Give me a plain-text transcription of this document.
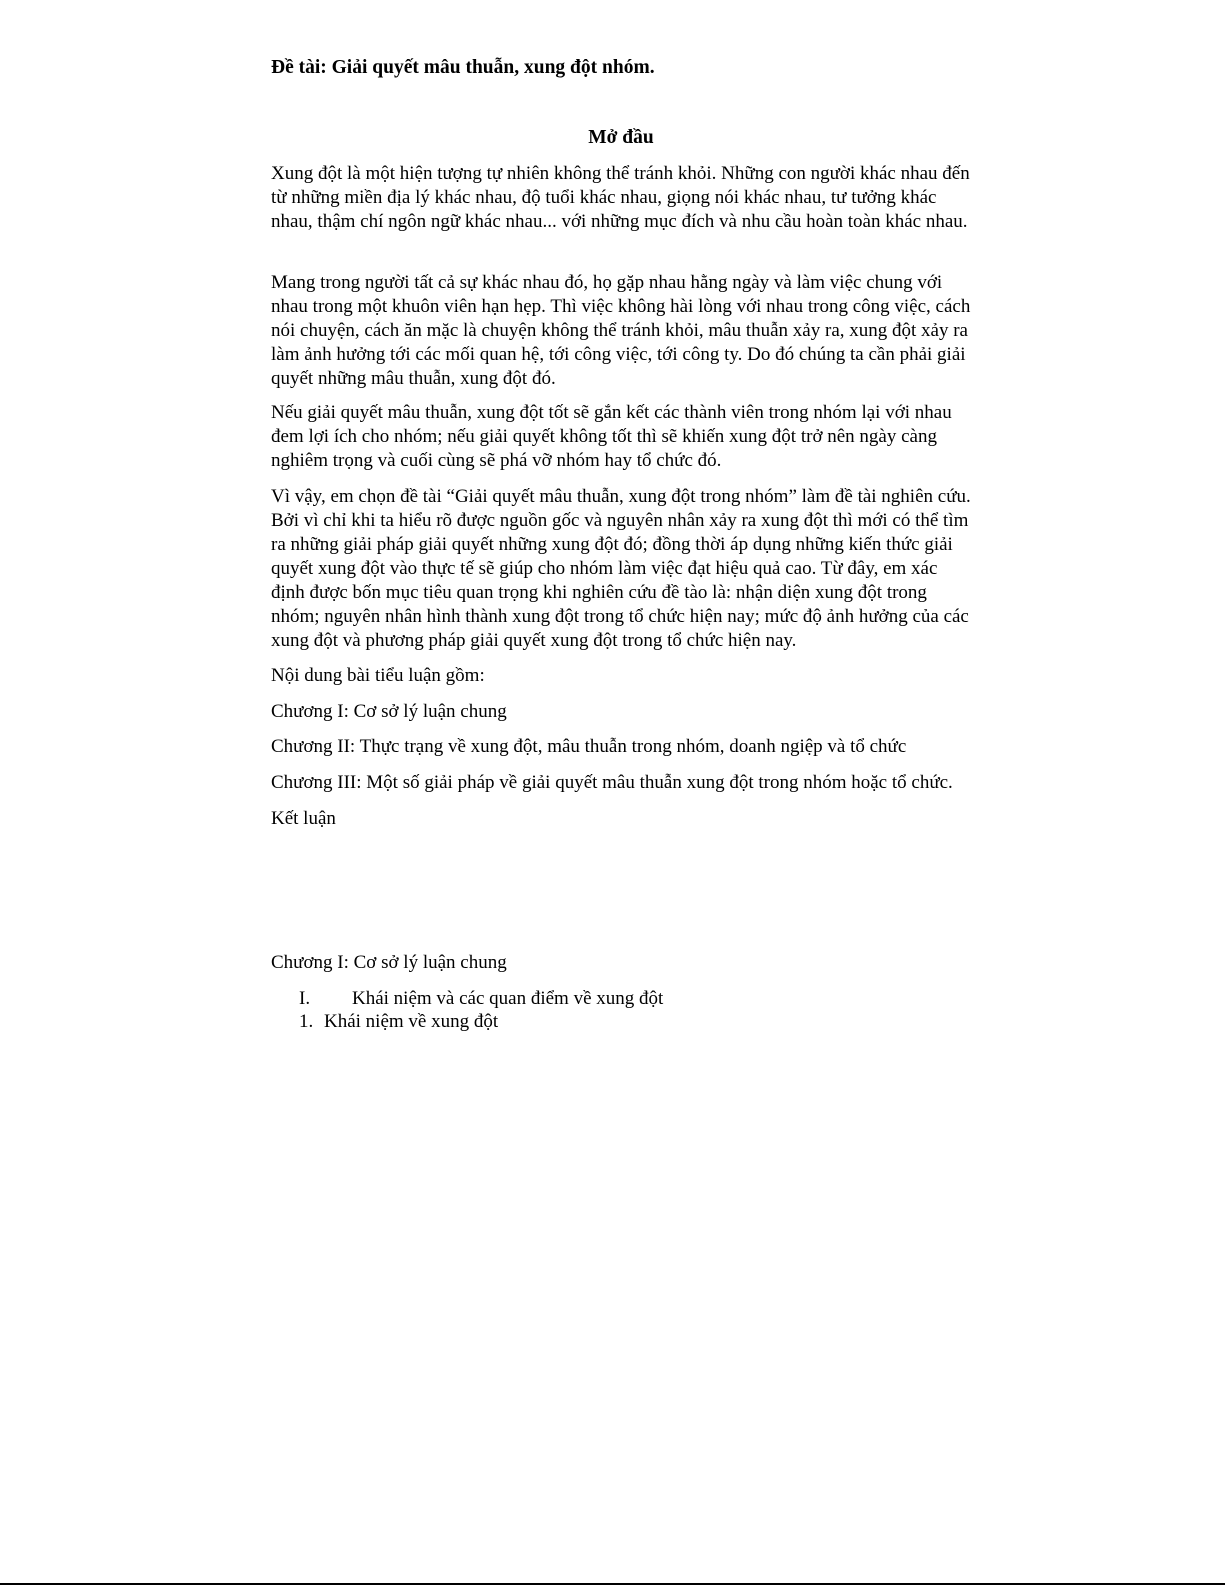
Đề tài: Giải quyết mâu thuẫn, xung đột nhóm.
Mở đầu
Xung đột là một hiện tượng tự nhiên không thể tránh khỏi. Những con người khác nhau đến từ những miền địa lý khác nhau, độ tuổi khác nhau, giọng nói khác nhau, tư tưởng khác nhau, thậm chí ngôn ngữ khác nhau... với những mục đích và nhu cầu hoàn toàn khác nhau.
Mang trong người tất cả sự khác nhau đó, họ gặp nhau hằng ngày và làm việc chung với nhau trong một khuôn viên hạn hẹp. Thì việc không hài lòng với nhau trong công việc, cách nói chuyện, cách ăn mặc là chuyện không thể tránh khỏi, mâu thuẫn xảy ra, xung đột xảy ra làm ảnh hưởng tới các mối quan hệ, tới công việc, tới công ty. Do đó chúng ta cần phải giải quyết những mâu thuẫn, xung đột đó.
Nếu giải quyết mâu thuẫn, xung đột tốt sẽ gắn kết các thành viên trong nhóm lại với nhau đem lợi ích cho nhóm; nếu giải quyết không tốt thì sẽ khiến xung đột trở nên ngày càng nghiêm trọng và cuối cùng sẽ phá vỡ nhóm hay tổ chức đó.
Vì vậy, em chọn đề tài “Giải quyết mâu thuẫn, xung đột trong nhóm” làm đề tài nghiên cứu. Bởi vì chỉ khi ta hiểu rõ được nguồn gốc và nguyên nhân xảy ra xung đột thì mới có thể tìm ra những giải pháp giải quyết những xung đột đó; đồng thời áp dụng những kiến thức giải quyết xung đột vào thực tế sẽ giúp cho nhóm làm việc đạt hiệu quả cao. Từ đây, em xác định được bốn mục tiêu quan trọng khi nghiên cứu đề tào là: nhận diện xung đột trong nhóm; nguyên nhân hình thành xung đột trong tổ chức hiện nay; mức độ ảnh hưởng của các xung đột và phương pháp giải quyết xung đột trong tổ chức hiện nay.
Nội dung bài tiểu luận gồm:
Chương I: Cơ sở lý luận chung
Chương II: Thực trạng về xung đột, mâu thuẫn trong nhóm, doanh ngiệp và tổ chức
Chương III: Một số giải pháp về giải quyết mâu thuẫn xung đột trong nhóm hoặc tổ chức.
Kết luận
Chương I: Cơ sở lý luận chung
I. Khái niệm và các quan điểm về xung đột
1. Khái niệm về xung đột
